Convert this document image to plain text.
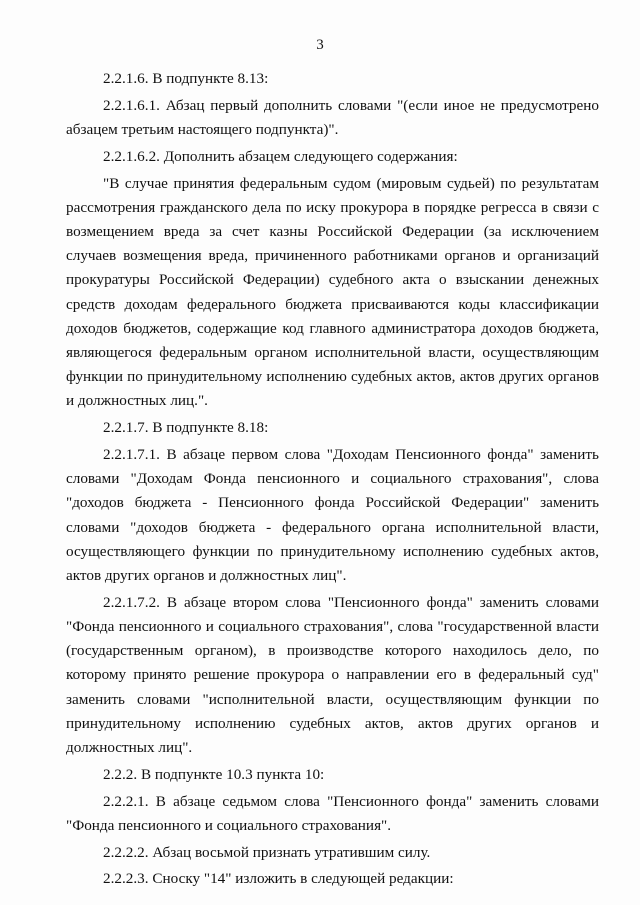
3

2.2.1.6. В подпункте 8.13:

2.2.1.6.1. Абзац первый дополнить словами "(если иное не предусмотрено абзацем третьим настоящего подпункта)".

2.2.1.6.2. Дополнить абзацем следующего содержания:

"В случае принятия федеральным судом (мировым судьей) по результатам рассмотрения гражданского дела по иску прокурора в порядке регресса в связи с возмещением вреда за счет казны Российской Федерации (за исключением случаев возмещения вреда, причиненного работниками органов и организаций прокуратуры Российской Федерации) судебного акта о взыскании денежных средств доходам федерального бюджета присваиваются коды классификации доходов бюджетов, содержащие код главного администратора доходов бюджета, являющегося федеральным органом исполнительной власти, осуществляющим функции по принудительному исполнению судебных актов, актов других органов и должностных лиц.".

2.2.1.7. В подпункте 8.18:

2.2.1.7.1. В абзаце первом слова "Доходам Пенсионного фонда" заменить словами "Доходам Фонда пенсионного и социального страхования", слова "доходов бюджета - Пенсионного фонда Российской Федерации" заменить словами "доходов бюджета - федерального органа исполнительной власти, осуществляющего функции по принудительному исполнению судебных актов, актов других органов и должностных лиц".

2.2.1.7.2. В абзаце втором слова "Пенсионного фонда" заменить словами "Фонда пенсионного и социального страхования", слова "государственной власти (государственным органом), в производстве которого находилось дело, по которому принято решение прокурора о направлении его в федеральный суд" заменить словами "исполнительной власти, осуществляющим функции по принудительному исполнению судебных актов, актов других органов и должностных лиц".

2.2.2. В подпункте 10.3 пункта 10:

2.2.2.1. В абзаце седьмом слова "Пенсионного фонда" заменить словами "Фонда пенсионного и социального страхования".

2.2.2.2. Абзац восьмой признать утратившим силу.

2.2.2.3. Сноску "14" изложить в следующей редакции:
